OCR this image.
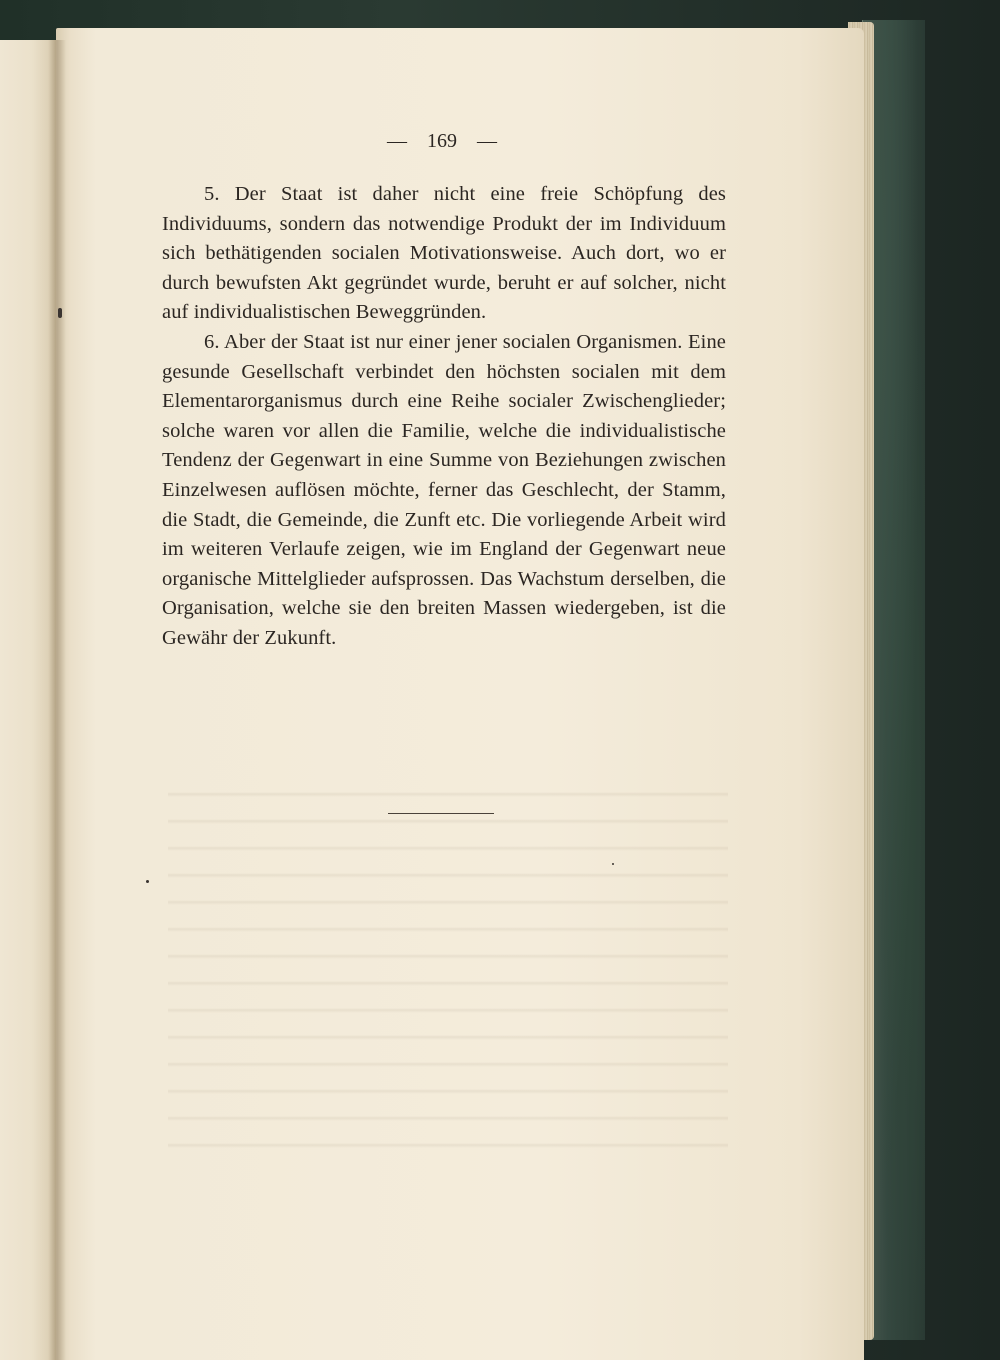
— 169 —

5. Der Staat ist daher nicht eine freie Schöpfung des Individuums, sondern das notwendige Produkt der im Individuum sich bethätigenden socialen Motivationsweise. Auch dort, wo er durch bewufsten Akt gegründet wurde, beruht er auf solcher, nicht auf individualistischen Beweggründen.

6. Aber der Staat ist nur einer jener socialen Organismen. Eine gesunde Gesellschaft verbindet den höchsten socialen mit dem Elementarorganismus durch eine Reihe socialer Zwischenglieder; solche waren vor allen die Familie, welche die individualistische Tendenz der Gegenwart in eine Summe von Beziehungen zwischen Einzelwesen auflösen möchte, ferner das Geschlecht, der Stamm, die Stadt, die Gemeinde, die Zunft etc. Die vorliegende Arbeit wird im weiteren Verlaufe zeigen, wie im England der Gegenwart neue organische Mittelglieder aufsprossen. Das Wachstum derselben, die Organisation, welche sie den breiten Massen wiedergeben, ist die Gewähr der Zukunft.
